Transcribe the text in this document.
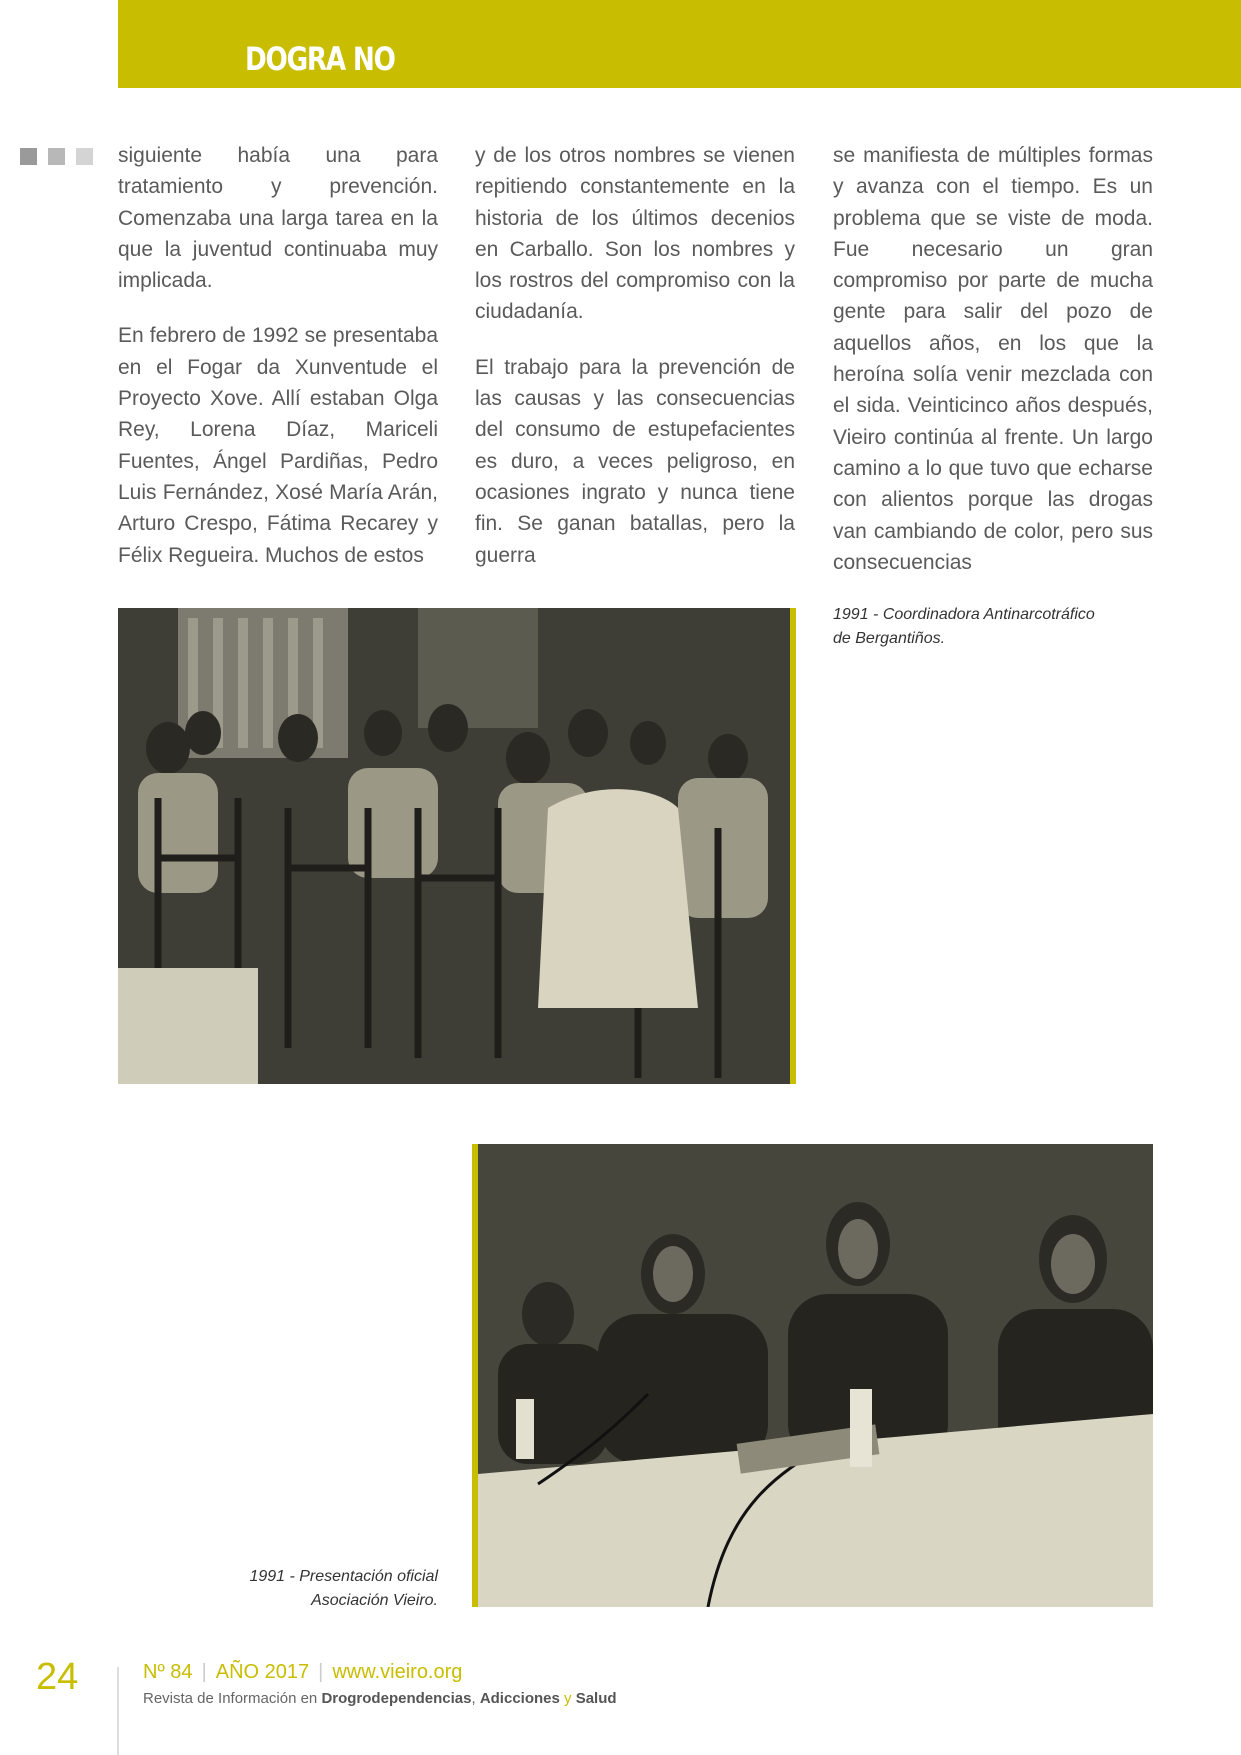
DOGRA NO

siguiente había una para tratamiento y prevención. Comenzaba una larga tarea en la que la juventud continuaba muy implicada.

En febrero de 1992 se presentaba en el Fogar da Xunventude el Proyecto Xove. Allí estaban Olga Rey, Lorena Díaz, Mariceli Fuentes, Ángel Pardiñas, Pedro Luis Fernández, Xosé María Arán, Arturo Crespo, Fátima Recarey y Félix Regueira. Muchos de estos

y de los otros nombres se vienen repitiendo constantemente en la historia de los últimos decenios en Carballo. Son los nombres y los rostros del compromiso con la ciudadanía.

El trabajo para la prevención de las causas y las consecuencias del consumo de estupefacientes es duro, a veces peligroso, en ocasiones ingrato y nunca tiene fin. Se ganan batallas, pero la guerra

se manifiesta de múltiples formas y avanza con el tiempo. Es un problema que se viste de moda. Fue necesario un gran compromiso por parte de mucha gente para salir del pozo de aquellos años, en los que la heroína solía venir mezclada con el sida. Veinticinco años después, Vieiro continúa al frente. Un largo camino a lo que tuvo que echarse con alientos porque las drogas van cambiando de color, pero sus consecuencias

1991 - Coordinadora Antinarcotráfico
de Bergantiños.
1991 - Presentación oficial
Asociación Vieiro.
24	Nº 84 | AÑO 2017 | www.vieiro.org
Revista de Información en Drogrodependencias, Adicciones y Salud
